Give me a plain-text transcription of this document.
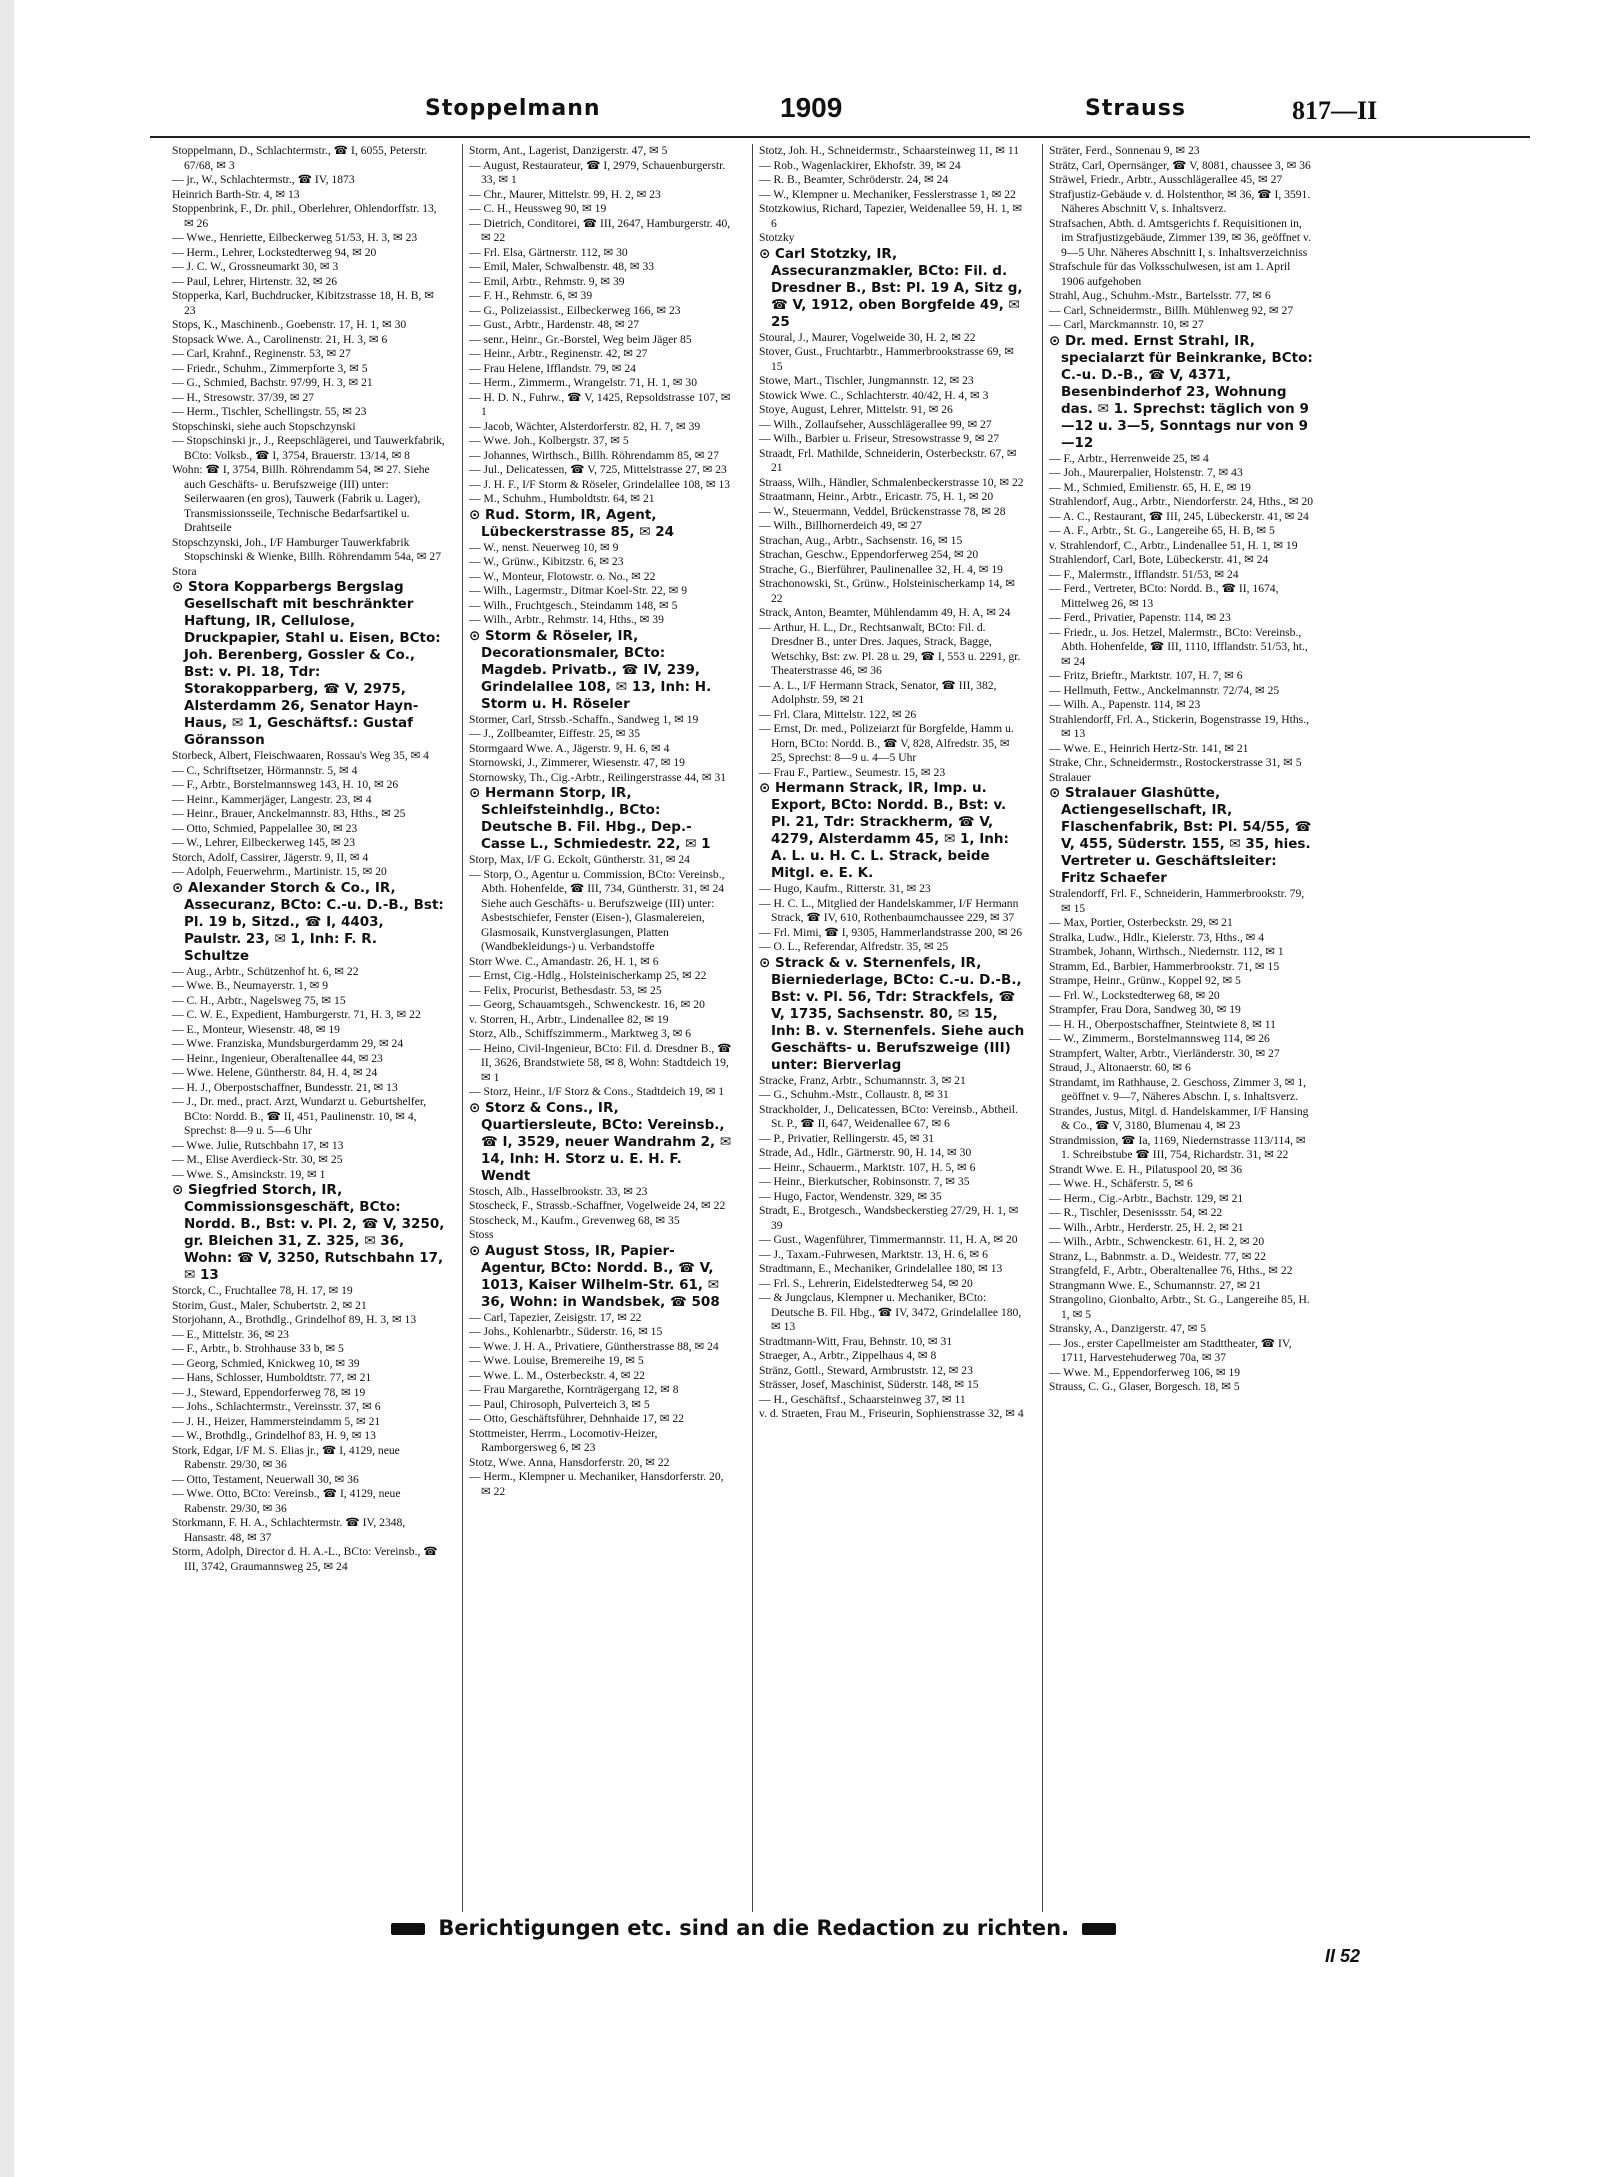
Stoppelmann	1909	Strauss	817—II

Stoppelmann, D., Schlachtermstr., ☎ I, 6055, Peterstr. 67/68, ✉ 3

— jr., W., Schlachtermstr., ☎ IV, 1873

Heinrich Barth-Str. 4, ✉ 13

Stoppenbrink, F., Dr. phil., Oberlehrer, Ohlendorffstr. 13, ✉ 26

— Wwe., Henriette, Eilbeckerweg 51/53, H. 3, ✉ 23

— Herm., Lehrer, Lockstedterweg 94, ✉ 20

— J. C. W., Grossneumarkt 30, ✉ 3

— Paul, Lehrer, Hirtenstr. 32, ✉ 26

Stopperka, Karl, Buchdrucker, Kibitzstrasse 18, H. B, ✉ 23

Stops, K., Maschinenb., Goebenstr. 17, H. 1, ✉ 30

Stopsack Wwe. A., Carolinenstr. 21, H. 3, ✉ 6

— Carl, Krahnf., Reginenstr. 53, ✉ 27

— Friedr., Schuhm., Zimmerpforte 3, ✉ 5

— G., Schmied, Bachstr. 97/99, H. 3, ✉ 21

— H., Stresowstr. 37/39, ✉ 27

— Herm., Tischler, Schellingstr. 55, ✉ 23

Stopschinski, siehe auch Stopschzynski

— Stopschinski jr., J., Reepschlägerei, und Tauwerkfabrik, BCto: Volksb., ☎ I, 3754, Brauerstr. 13/14, ✉ 8

Wohn: ☎ I, 3754, Billh. Röhrendamm 54, ✉ 27. Siehe auch Geschäfts- u. Berufszweige (III) unter: Seilerwaaren (en gros), Tauwerk (Fabrik u. Lager), Transmissionsseile, Technische Bedarfsartikel u. Drahtseile

Stopschzynski, Joh., I/F Hamburger Tauwerkfabrik Stopschinski & Wienke, Billh. Röhrendamm 54a, ✉ 27

Stora

⊙ Stora Kopparbergs Bergslag Gesellschaft mit beschränkter Haftung, IR, Cellulose, Druckpapier, Stahl u. Eisen, BCto: Joh. Berenberg, Gossler & Co., Bst: v. Pl. 18, Tdr: Storakopparberg, ☎ V, 2975, Alsterdamm 26, Senator Hayn-Haus, ✉ 1, Geschäftsf.: Gustaf Göransson

Storbeck, Albert, Fleischwaaren, Rossau's Weg 35, ✉ 4

— C., Schriftsetzer, Hörmannstr. 5, ✉ 4

— F., Arbtr., Borstelmannsweg 143, H. 10, ✉ 26

— Heinr., Kammerjäger, Langestr. 23, ✉ 4

— Heinr., Brauer, Anckelmannstr. 83, Hths., ✉ 25

— Otto, Schmied, Pappelallee 30, ✉ 23

— W., Lehrer, Eilbeckerweg 145, ✉ 23

Storch, Adolf, Cassirer, Jägerstr. 9, II, ✉ 4

— Adolph, Feuerwehrm., Martinistr. 15, ✉ 20

⊙ Alexander Storch & Co., IR, Assecuranz, BCto: C.-u. D.-B., Bst: Pl. 19 b, Sitzd., ☎ I, 4403, Paulstr. 23, ✉ 1, Inh: F. R. Schultze

— Aug., Arbtr., Schützenhof ht. 6, ✉ 22

— Wwe. B., Neumayerstr. 1, ✉ 9

— C. H., Arbtr., Nagelsweg 75, ✉ 15

— C. W. E., Expedient, Hamburgerstr. 71, H. 3, ✉ 22

— E., Monteur, Wiesenstr. 48, ✉ 19

— Wwe. Franziska, Mundsburgerdamm 29, ✉ 24

— Heinr., Ingenieur, Oberaltenallee 44, ✉ 23

— Wwe. Helene, Güntherstr. 84, H. 4, ✉ 24

— H. J., Oberpostschaffner, Bundesstr. 21, ✉ 13

— J., Dr. med., pract. Arzt, Wundarzt u. Geburtshelfer, BCto: Nordd. B., ☎ II, 451, Paulinenstr. 10, ✉ 4, Sprechst: 8—9 u. 5—6 Uhr

— Wwe. Julie, Rutschbahn 17, ✉ 13

— M., Elise Averdieck-Str. 30, ✉ 25

— Wwe. S., Amsinckstr. 19, ✉ 1

⊙ Siegfried Storch, IR, Commissionsgeschäft, BCto: Nordd. B., Bst: v. Pl. 2, ☎ V, 3250, gr. Bleichen 31, Z. 325, ✉ 36, Wohn: ☎ V, 3250, Rutschbahn 17, ✉ 13

Storck, C., Fruchtallee 78, H. 17, ✉ 19

Storim, Gust., Maler, Schubertstr. 2, ✉ 21

Storjohann, A., Brothdlg., Grindelhof 89, H. 3, ✉ 13

— E., Mittelstr. 36, ✉ 23

— F., Arbtr., b. Strohhause 33 b, ✉ 5

— Georg, Schmied, Knickweg 10, ✉ 39

— Hans, Schlosser, Humboldtstr. 77, ✉ 21

— J., Steward, Eppendorferweg 78, ✉ 19

— Johs., Schlachtermstr., Vereinsstr. 37, ✉ 6

— J. H., Heizer, Hammersteindamm 5, ✉ 21

— W., Brothdlg., Grindelhof 83, H. 9, ✉ 13

Stork, Edgar, I/F M. S. Elias jr., ☎ I, 4129, neue Rabenstr. 29/30, ✉ 36

— Otto, Testament, Neuerwall 30, ✉ 36

— Wwe. Otto, BCto: Vereinsb., ☎ I, 4129, neue Rabenstr. 29/30, ✉ 36

Storkmann, F. H. A., Schlachtermstr. ☎ IV, 2348, Hansastr. 48, ✉ 37

Storm, Adolph, Director d. H. A.-L., BCto: Vereinsb., ☎ III, 3742, Graumannsweg 25, ✉ 24

Storm, Ant., Lagerist, Danzigerstr. 47, ✉ 5

— August, Restaurateur, ☎ I, 2979, Schauenburgerstr. 33, ✉ 1

— Chr., Maurer, Mittelstr. 99, H. 2, ✉ 23

— C. H., Heussweg 90, ✉ 19

— Dietrich, Conditorei, ☎ III, 2647, Hamburgerstr. 40, ✉ 22

— Frl. Elsa, Gärtnerstr. 112, ✉ 30

— Emil, Maler, Schwalbenstr. 48, ✉ 33

— Emil, Arbtr., Rehmstr. 9, ✉ 39

— F. H., Rehmstr. 6, ✉ 39

— G., Polizeiassist., Eilbeckerweg 166, ✉ 23

— Gust., Arbtr., Hardenstr. 48, ✉ 27

— senr., Heinr., Gr.-Borstel, Weg beim Jäger 85

— Heinr., Arbtr., Reginenstr. 42, ✉ 27

— Frau Helene, Ifflandstr. 79, ✉ 24

— Herm., Zimmerm., Wrangelstr. 71, H. 1, ✉ 30

— H. D. N., Fuhrw., ☎ V, 1425, Repsoldstrasse 107, ✉ 1

— Jacob, Wächter, Alsterdorferstr. 82, H. 7, ✉ 39

— Wwe. Joh., Kolbergstr. 37, ✉ 5

— Johannes, Wirthsch., Billh. Röhrendamm 85, ✉ 27

— Jul., Delicatessen, ☎ V, 725, Mittelstrasse 27, ✉ 23

— J. H. F., I/F Storm & Röseler, Grindelallee 108, ✉ 13

— M., Schuhm., Humboldtstr. 64, ✉ 21

⊙ Rud. Storm, IR, Agent, Lübeckerstrasse 85, ✉ 24

— W., nenst. Neuerweg 10, ✉ 9

— W., Grünw., Kibitzstr. 6, ✉ 23

— W., Monteur, Flotowstr. o. No., ✉ 22

— Wilh., Lagermstr., Ditmar Koel-Str. 22, ✉ 9

— Wilh., Fruchtgesch., Steindamm 148, ✉ 5

— Wilh., Arbtr., Rehmstr. 14, Hths., ✉ 39

⊙ Storm & Röseler, IR, Decorationsmaler, BCto: Magdeb. Privatb., ☎ IV, 239, Grindelallee 108, ✉ 13, Inh: H. Storm u. H. Röseler

Stormer, Carl, Strssb.-Schaffn., Sandweg 1, ✉ 19

— J., Zollbeamter, Eiffestr. 25, ✉ 35

Stormgaard Wwe. A., Jägerstr. 9, H. 6, ✉ 4

Stornowski, J., Zimmerer, Wiesenstr. 47, ✉ 19

Stornowsky, Th., Cig.-Arbtr., Reilingerstrasse 44, ✉ 31

⊙ Hermann Storp, IR, Schleifsteinhdlg., BCto: Deutsche B. Fil. Hbg., Dep.-Casse L., Schmiedestr. 22, ✉ 1

Storp, Max, I/F G. Eckolt, Güntherstr. 31, ✉ 24

— Storp, O., Agentur u. Commission, BCto: Vereinsb., Abth. Hohenfelde, ☎ III, 734, Güntherstr. 31, ✉ 24 Siehe auch Geschäfts- u. Berufszweige (III) unter: Asbestschiefer, Fenster (Eisen-), Glasmalereien, Glasmosaik, Kunstverglasungen, Platten (Wandbekleidungs-) u. Verbandstoffe

Storr Wwe. C., Amandastr. 26, H. 1, ✉ 6

— Ernst, Cig.-Hdlg., Holsteinischerkamp 25, ✉ 22

— Felix, Procurist, Bethesdastr. 53, ✉ 25

— Georg, Schauamtsgeh., Schwenckestr. 16, ✉ 20

v. Storren, H., Arbtr., Lindenallee 82, ✉ 19

Storz, Alb., Schiffszimmerm., Marktweg 3, ✉ 6

— Heino, Civil-Ingenieur, BCto: Fil. d. Dresdner B., ☎ II, 3626, Brandstwiete 58, ✉ 8, Wohn: Stadtdeich 19, ✉ 1

— Storz, Heinr., I/F Storz & Cons., Stadtdeich 19, ✉ 1

⊙ Storz & Cons., IR, Quartiersleute, BCto: Vereinsb., ☎ I, 3529, neuer Wandrahm 2, ✉ 14, Inh: H. Storz u. E. H. F. Wendt

Stosch, Alb., Hasselbrookstr. 33, ✉ 23

Stoscheck, F., Strassb.-Schaffner, Vogelweide 24, ✉ 22

Stoscheck, M., Kaufm., Grevenweg 68, ✉ 35

Stoss

⊙ August Stoss, IR, Papier-Agentur, BCto: Nordd. B., ☎ V, 1013, Kaiser Wilhelm-Str. 61, ✉ 36, Wohn: in Wandsbek, ☎ 508

— Carl, Tapezier, Zeisigstr. 17, ✉ 22

— Johs., Kohlenarbtr., Süderstr. 16, ✉ 15

— Wwe. J. H. A., Privatiere, Güntherstrasse 88, ✉ 24

— Wwe. Louise, Bremereihe 19, ✉ 5

— Wwe. L. M., Osterbeckstr. 4, ✉ 22

— Frau Margarethe, Kornträgergang 12, ✉ 8

— Paul, Chirosoph, Pulverteich 3, ✉ 5

— Otto, Geschäftsführer, Dehnhaide 17, ✉ 22

Stottmeister, Herrm., Locomotiv-Heizer, Ramborgersweg 6, ✉ 23

Stotz, Wwe. Anna, Hansdorferstr. 20, ✉ 22

— Herm., Klempner u. Mechaniker, Hansdorferstr. 20, ✉ 22

Stotz, Joh. H., Schneidermstr., Schaarsteinweg 11, ✉ 11

— Rob., Wagenlackirer, Ekhofstr. 39, ✉ 24

— R. B., Beamter, Schröderstr. 24, ✉ 24

— W., Klempner u. Mechaniker, Fesslerstrasse 1, ✉ 22

Stotzkowius, Richard, Tapezier, Weidenallee 59, H. 1, ✉ 6

Stotzky

⊙ Carl Stotzky, IR, Assecuranzmakler, BCto: Fil. d. Dresdner B., Bst: Pl. 19 A, Sitz g, ☎ V, 1912, oben Borgfelde 49, ✉ 25

Stoural, J., Maurer, Vogelweide 30, H. 2, ✉ 22

Stover, Gust., Fruchtarbtr., Hammerbrookstrasse 69, ✉ 15

Stowe, Mart., Tischler, Jungmannstr. 12, ✉ 23

Stowick Wwe. C., Schlachterstr. 40/42, H. 4, ✉ 3

Stoye, August, Lehrer, Mittelstr. 91, ✉ 26

— Wilh., Zollaufseher, Ausschlägerallee 99, ✉ 27

— Wilh., Barbier u. Friseur, Stresowstrasse 9, ✉ 27

Straadt, Frl. Mathilde, Schneiderin, Osterbeckstr. 67, ✉ 21

Straass, Wilh., Händler, Schmalenbeckerstrasse 10, ✉ 22

Straatmann, Heinr., Arbtr., Ericastr. 75, H. 1, ✉ 20

— W., Steuermann, Veddel, Brückenstrasse 78, ✉ 28

— Wilh., Billhornerdeich 49, ✉ 27

Strachan, Aug., Arbtr., Sachsenstr. 16, ✉ 15

Strachan, Geschw., Eppendorferweg 254, ✉ 20

Strache, G., Bierführer, Paulinenallee 32, H. 4, ✉ 19

Strachonowski, St., Grünw., Holsteinischerkamp 14, ✉ 22

Strack, Anton, Beamter, Mühlendamm 49, H. A, ✉ 24

— Arthur, H. L., Dr., Rechtsanwalt, BCto: Fil. d. Dresdner B., unter Dres. Jaques, Strack, Bagge, Wetschky, Bst: zw. Pl. 28 u. 29, ☎ I, 553 u. 2291, gr. Theaterstrasse 46, ✉ 36

— A. L., I/F Hermann Strack, Senator, ☎ III, 382, Adolphstr. 59, ✉ 21

— Frl. Clara, Mittelstr. 122, ✉ 26

— Ernst, Dr. med., Polizeiarzt für Borgfelde, Hamm u. Horn, BCto: Nordd. B., ☎ V, 828, Alfredstr. 35, ✉ 25, Sprechst: 8—9 u. 4—5 Uhr

— Frau F., Partiew., Seumestr. 15, ✉ 23

⊙ Hermann Strack, IR, Imp. u. Export, BCto: Nordd. B., Bst: v. Pl. 21, Tdr: Strackherm, ☎ V, 4279, Alsterdamm 45, ✉ 1, Inh: A. L. u. H. C. L. Strack, beide Mitgl. e. E. K.

— Hugo, Kaufm., Ritterstr. 31, ✉ 23

— H. C. L., Mitglied der Handelskammer, I/F Hermann Strack, ☎ IV, 610, Rothenbaumchaussee 229, ✉ 37

— Frl. Mimi, ☎ I, 9305, Hammerlandstrasse 200, ✉ 26

— O. L., Referendar, Alfredstr. 35, ✉ 25

⊙ Strack & v. Sternenfels, IR, Bierniederlage, BCto: C.-u. D.-B., Bst: v. Pl. 56, Tdr: Strackfels, ☎ V, 1735, Sachsenstr. 80, ✉ 15, Inh: B. v. Sternenfels. Siehe auch Geschäfts- u. Berufszweige (III) unter: Bierverlag

Stracke, Franz, Arbtr., Schumannstr. 3, ✉ 21

— G., Schuhm.-Mstr., Collaustr. 8, ✉ 31

Strackholder, J., Delicatessen, BCto: Vereinsb., Abtheil. St. P., ☎ II, 647, Weidenallee 67, ✉ 6

— P., Privatier, Rellingerstr. 45, ✉ 31

Strade, Ad., Hdlr., Gärtnerstr. 90, H. 14, ✉ 30

— Heinr., Schauerm., Marktstr. 107, H. 5, ✉ 6

— Heinr., Bierkutscher, Robinsonstr. 7, ✉ 35

— Hugo, Factor, Wendenstr. 329, ✉ 35

Stradt, E., Brotgesch., Wandsbeckerstieg 27/29, H. 1, ✉ 39

— Gust., Wagenführer, Timmermannstr. 11, H. A, ✉ 20

— J., Taxam.-Fuhrwesen, Marktstr. 13, H. 6, ✉ 6

Stradtmann, E., Mechaniker, Grindelallee 180, ✉ 13

— Frl. S., Lehrerin, Eidelstedterweg 54, ✉ 20

— & Jungclaus, Klempner u. Mechaniker, BCto: Deutsche B. Fil. Hbg., ☎ IV, 3472, Grindelallee 180, ✉ 13

Stradtmann-Witt, Frau, Behnstr. 10, ✉ 31

Straeger, A., Arbtr., Zippelhaus 4, ✉ 8

Stränz, Gottl., Steward, Armbruststr. 12, ✉ 23

Strässer, Josef, Maschinist, Süderstr. 148, ✉ 15

— H., Geschäftsf., Schaarsteinweg 37, ✉ 11

v. d. Straeten, Frau M., Friseurin, Sophienstrasse 32, ✉ 4

Sträter, Ferd., Sonnenau 9, ✉ 23

Strätz, Carl, Opernsänger, ☎ V, 8081, chaussee 3, ✉ 36

Sträwel, Friedr., Arbtr., Ausschlägerallee 45, ✉ 27

Strafjustiz-Gebäude v. d. Holstenthor, ✉ 36, ☎ I, 3591. Näheres Abschnitt V, s. Inhaltsverz.

Strafsachen, Abth. d. Amtsgerichts f. Requisitionen in, im Strafjustizgebäude, Zimmer 139, ✉ 36, geöffnet v. 9—5 Uhr. Näheres Abschnitt I, s. Inhaltsverzeichniss

Strafschule für das Volksschulwesen, ist am 1. April 1906 aufgehoben

Strahl, Aug., Schuhm.-Mstr., Bartelsstr. 77, ✉ 6

— Carl, Schneidermstr., Billh. Mühlenweg 92, ✉ 27

— Carl, Marckmannstr. 10, ✉ 27

⊙ Dr. med. Ernst Strahl, IR, specialarzt für Beinkranke, BCto: C.-u. D.-B., ☎ V, 4371, Besenbinderhof 23, Wohnung das. ✉ 1. Sprechst: täglich von 9—12 u. 3—5, Sonntags nur von 9—12

— F., Arbtr., Herrenweide 25, ✉ 4

— Joh., Maurerpalier, Holstenstr. 7, ✉ 43

— M., Schmied, Emilienstr. 65, H. E, ✉ 19

Strahlendorf, Aug., Arbtr., Niendorferstr. 24, Hths., ✉ 20

— A. C., Restaurant, ☎ III, 245, Lübeckerstr. 41, ✉ 24

— A. F., Arbtr., St. G., Langereihe 65, H. B, ✉ 5

v. Strahlendorf, C., Arbtr., Lindenallee 51, H. 1, ✉ 19

Strahlendorf, Carl, Bote, Lübeckerstr. 41, ✉ 24

— F., Malermstr., Ifflandstr. 51/53, ✉ 24

— Ferd., Vertreter, BCto: Nordd. B., ☎ II, 1674, Mittelweg 26, ✉ 13

— Ferd., Privatier, Papenstr. 114, ✉ 23

— Friedr., u. Jos. Hetzel, Malermstr., BCto: Vereinsb., Abth. Hohenfelde, ☎ III, 1110, Ifflandstr. 51/53, ht., ✉ 24

— Fritz, Brieftr., Marktstr. 107, H. 7, ✉ 6

— Hellmuth, Fettw., Anckelmannstr. 72/74, ✉ 25

— Wilh. A., Papenstr. 114, ✉ 23

Strahlendorff, Frl. A., Stickerin, Bogenstrasse 19, Hths., ✉ 13

— Wwe. E., Heinrich Hertz-Str. 141, ✉ 21

Strake, Chr., Schneidermstr., Rostockerstrasse 31, ✉ 5

Stralauer

⊙ Stralauer Glashütte, Actiengesellschaft, IR, Flaschenfabrik, Bst: Pl. 54/55, ☎ V, 455, Süderstr. 155, ✉ 35, hies. Vertreter u. Geschäftsleiter: Fritz Schaefer

Stralendorff, Frl. F., Schneiderin, Hammerbrookstr. 79, ✉ 15

— Max, Portier, Osterbeckstr. 29, ✉ 21

Stralka, Ludw., Hdlr., Kielerstr. 73, Hths., ✉ 4

Strambek, Johann, Wirthsch., Niedernstr. 112, ✉ 1

Stramm, Ed., Barbier, Hammerbrookstr. 71, ✉ 15

Strampe, Heinr., Grünw., Koppel 92, ✉ 5

— Frl. W., Lockstedterweg 68, ✉ 20

Strampfer, Frau Dora, Sandweg 30, ✉ 19

— H. H., Oberpostschaffner, Steintwiete 8, ✉ 11

— W., Zimmerm., Borstelmannsweg 114, ✉ 26

Strampfert, Walter, Arbtr., Vierländerstr. 30, ✉ 27

Straud, J., Altonaerstr. 60, ✉ 6

Strandamt, im Rathhause, 2. Geschoss, Zimmer 3, ✉ 1, geöffnet v. 9—7, Näheres Abschn. I, s. Inhaltsverz.

Strandes, Justus, Mitgl. d. Handelskammer, I/F Hansing & Co., ☎ V, 3180, Blumenau 4, ✉ 23

Strandmission, ☎ Ia, 1169, Niedernstrasse 113/114, ✉ 1. Schreibstube ☎ III, 754, Richardstr. 31, ✉ 22

Strandt Wwe. E. H., Pilatuspool 20, ✉ 36

— Wwe. H., Schäferstr. 5, ✉ 6

— Herm., Cig.-Arbtr., Bachstr. 129, ✉ 21

— R., Tischler, Desenissstr. 54, ✉ 22

— Wilh., Arbtr., Herderstr. 25, H. 2, ✉ 21

— Wilh., Arbtr., Schwenckestr. 61, H. 2, ✉ 20

Stranz, L., Babnmstr. a. D., Weidestr. 77, ✉ 22

Strangfeld, F., Arbtr., Oberaltenallee 76, Hths., ✉ 22

Strangmann Wwe. E., Schumannstr. 27, ✉ 21

Strangolino, Gionbalto, Arbtr., St. G., Langereihe 85, H. 1, ✉ 5

Stransky, A., Danzigerstr. 47, ✉ 5

— Jos., erster Capellmeister am Stadttheater, ☎ IV, 1711, Harvestehuderweg 70a, ✉ 37

— Wwe. M., Eppendorferweg 106, ✉ 19

Strauss, C. G., Glaser, Borgesch. 18, ✉ 5

Berichtigungen etc. sind an die Redaction zu richten.
II 52
